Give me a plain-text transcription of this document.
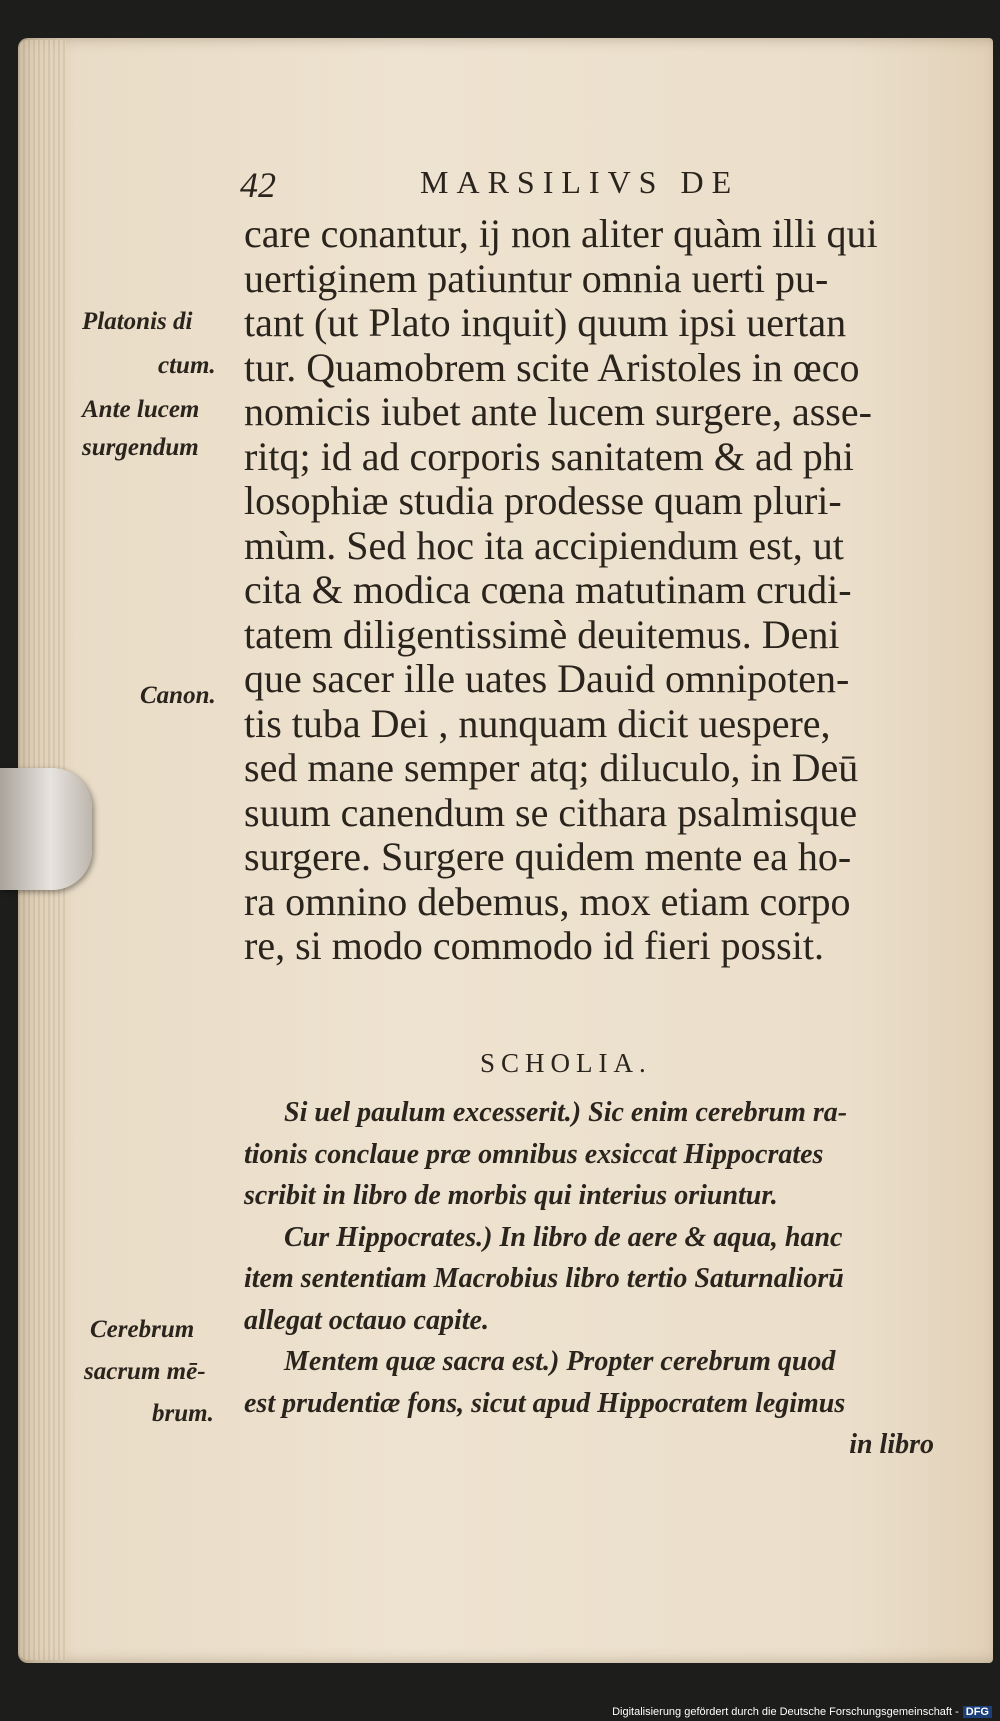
42	MARSILIVS DE
care conantur, ĳ non aliter quàm illi qui
uertiginem patiuntur omnia uerti pu-
tant (ut Plato inquit) quum ipsi uertan
tur. Quamobrem scite Aristoles in œco
nomicis iubet ante lucem surgere, asse-
ritq; id ad corporis sanitatem & ad phi
losophiæ studia prodesse quam pluri-
mùm. Sed hoc ita accipiendum est, ut
cita & modica cœna matutinam crudi-
tatem diligentissimè deuitemus. Deni
que sacer ille uates Dauid omnipoten-
tis tuba Dei , nunquam dicit uespere,
sed mane semper atq; diluculo, in Deū
suum canendum se cithara psalmisque
surgere. Surgere quidem mente ea ho-
ra omnino debemus, mox etiam corpo
re, si modo commodo id fieri possit.
Platonis di
ctum.
Ante lucem
surgendum
Canon.
Cerebrum
sacrum mē-
brum.
SCHOLIA.
Si uel paulum excesserit.) Sic enim cerebrum ra-
tionis conclaue præ omnibus exsiccat Hippocrates
scribit in libro de morbis qui interius oriuntur.
Cur Hippocrates.) In libro de aere & aqua, hanc
item sententiam Macrobius libro tertio Saturnaliorū
allegat octauo capite.
Mentem quæ sacra est.) Propter cerebrum quod
est prudentiæ fons, sicut apud Hippocratem legimus
in libro
Digitalisierung gefördert durch die Deutsche Forschungsgemeinschaft - DFG
